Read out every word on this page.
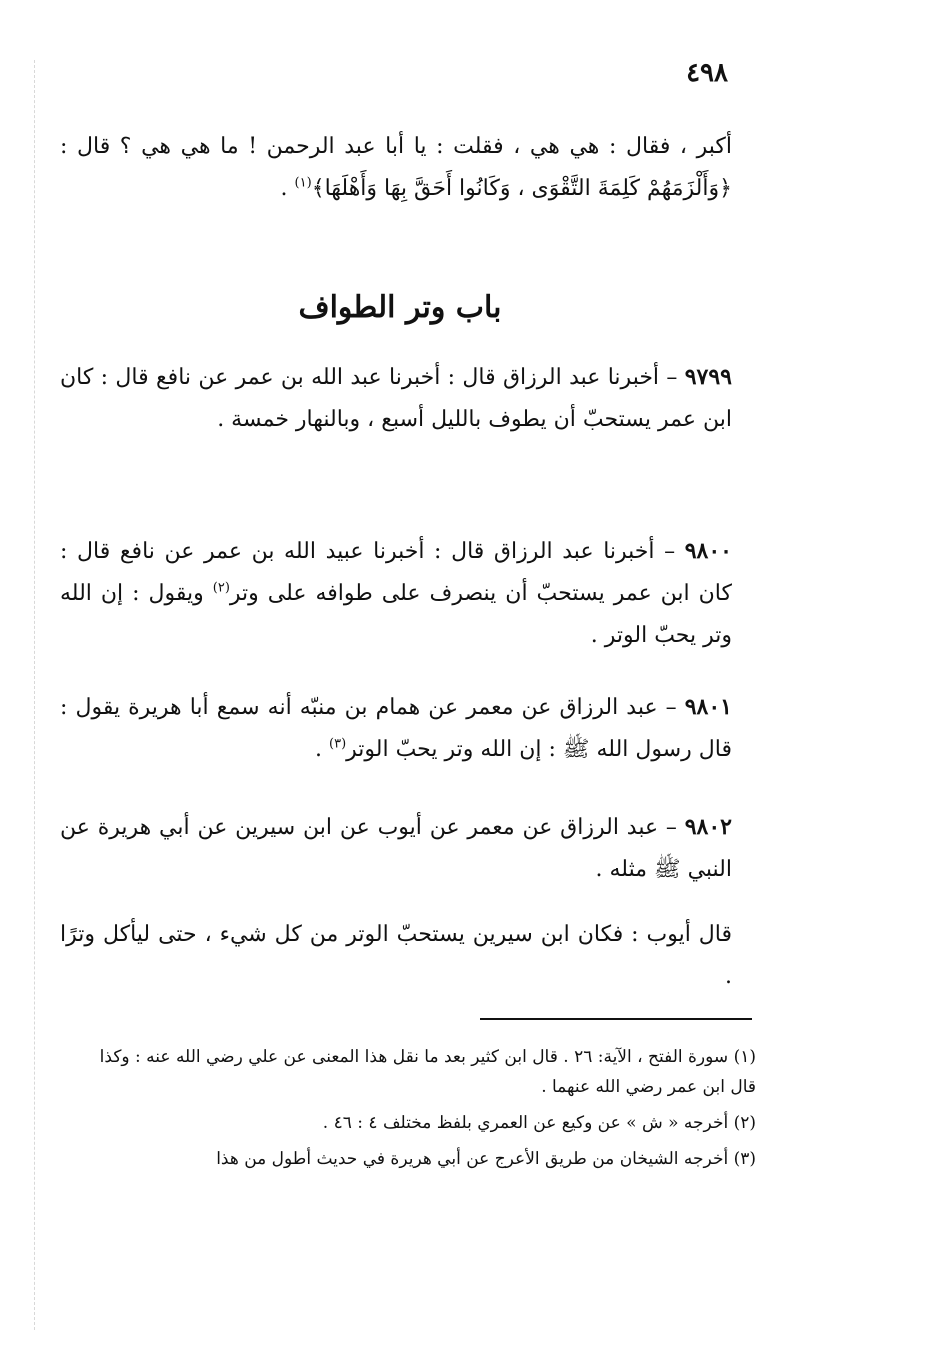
٤٩٨

أكبر ، فقال : هي هي ، فقلت : يا أبا عبد الرحمن ! ما هي هي ؟ قال : ﴿وَأَلْزَمَهُمْ كَلِمَةَ التَّقْوَى ، وَكَانُوا أَحَقَّ بِهَا وَأَهْلَهَا﴾$^{(١)}$ .

باب وتر الطواف

٩٧٩٩ – أخبرنا عبد الرزاق قال : أخبرنا عبد الله بن عمر عن نافع قال : كان ابن عمر يستحبّ أن يطوف بالليل أسبع ، وبالنهار خمسة .

٩٨٠٠ – أخبرنا عبد الرزاق قال : أخبرنا عبيد الله بن عمر عن نافع قال : كان ابن عمر يستحبّ أن ينصرف على طوافه على وتر$^{(٢)}$ ويقول : إن الله وتر يحبّ الوتر .

٩٨٠١ – عبد الرزاق عن معمر عن همام بن منبّه أنه سمع أبا هريرة يقول : قال رسول الله ﷺ : إن الله وتر يحبّ الوتر$^{(٣)}$ .

٩٨٠٢ – عبد الرزاق عن معمر عن أيوب عن ابن سيرين عن أبي هريرة عن النبي ﷺ مثله .

قال أيوب : فكان ابن سيرين يستحبّ الوتر من كل شيء ، حتى ليأكل وترًا .

(١) سورة الفتح ، الآية: ٢٦ . قال ابن كثير بعد ما نقل هذا المعنى عن علي رضي الله عنه : وكذا قال ابن عمر رضي الله عنهما .

(٢) أخرجه « ش » عن وكيع عن العمري بلفظ مختلف ٤ : ٤٦ .

(٣) أخرجه الشيخان من طريق الأعرج عن أبي هريرة في حديث أطول من هذا
